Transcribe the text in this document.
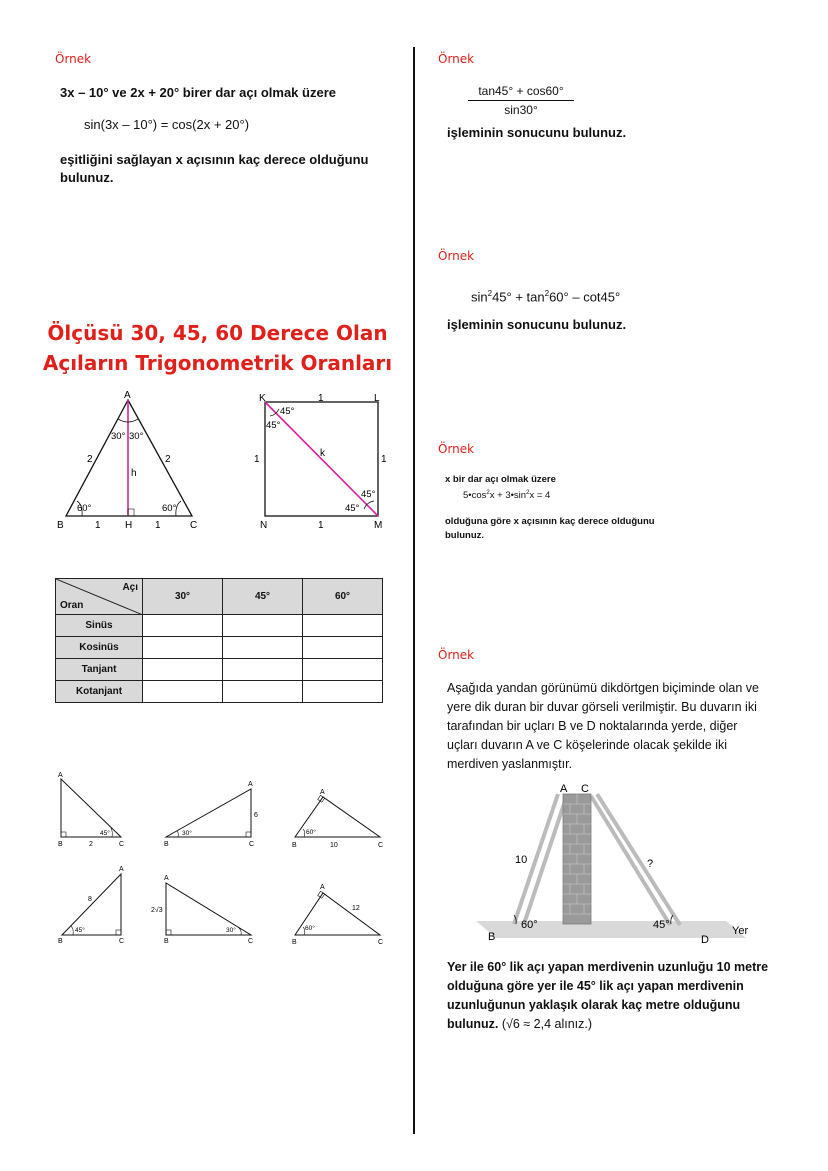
Örnek
3x – 10° ve 2x + 20° birer dar açı olmak üzere
sin(3x – 10°) = cos(2x + 20°)
eşitliğini sağlayan x açısının kaç derece olduğunu
bulunuz.
Ölçüsü 30, 45, 60 Derece Olan
Açıların Trigonometrik Oranları
A
B	C
H
2	2
1	1
h
30° 30°
60°	60°
K	L
M
N
1
1
1	1
k
45°
45°
45°
45°
Açı
Oran	30°	45°	60°
Sinüs			
Kosinüs			
Tanjant			
Kotanjant			
A
B	C
2
45°
A
B	C
6
30°
A
B	C
10
60°
A
B	C
8
45°
A
B	C
2√3
30°
A
B	C
12
60°
Örnek
$\frac{\tan 45^\circ + \cos 60^\circ}{\sin 30^\circ}$
işleminin sonucunu bulunuz.
Örnek
$\sin^245^\circ + \tan^260^\circ - \cot 45^\circ$
işleminin sonucunu bulunuz.
Örnek
x bir dar açı olmak üzere
$5•\cos^2x$ + $3•\sin^2x = 4$
olduğuna göre x açısının kaç derece olduğunu
bulunuz.
Örnek
Aşağıda yandan görünümü dikdörtgen biçiminde olan ve
yere dik duran bir duvar görseli verilmiştir. Bu duvarın iki
tarafından bir uçları B ve D noktalarında yerde, diğer
uçları duvarın A ve C köşelerinde olacak şekilde iki
merdiven yaslanmıştır.
A C
B	D
10	?
60°	45°	Yer
Yer ile 60° lik açı yapan merdivenin uzunluğu 10 metre
olduğuna göre yer ile 45° lik açı yapan merdivenin
uzunluğunun yaklaşık olarak kaç metre olduğunu
bulunuz. (√6 ≈ 2,4 alınız.)
